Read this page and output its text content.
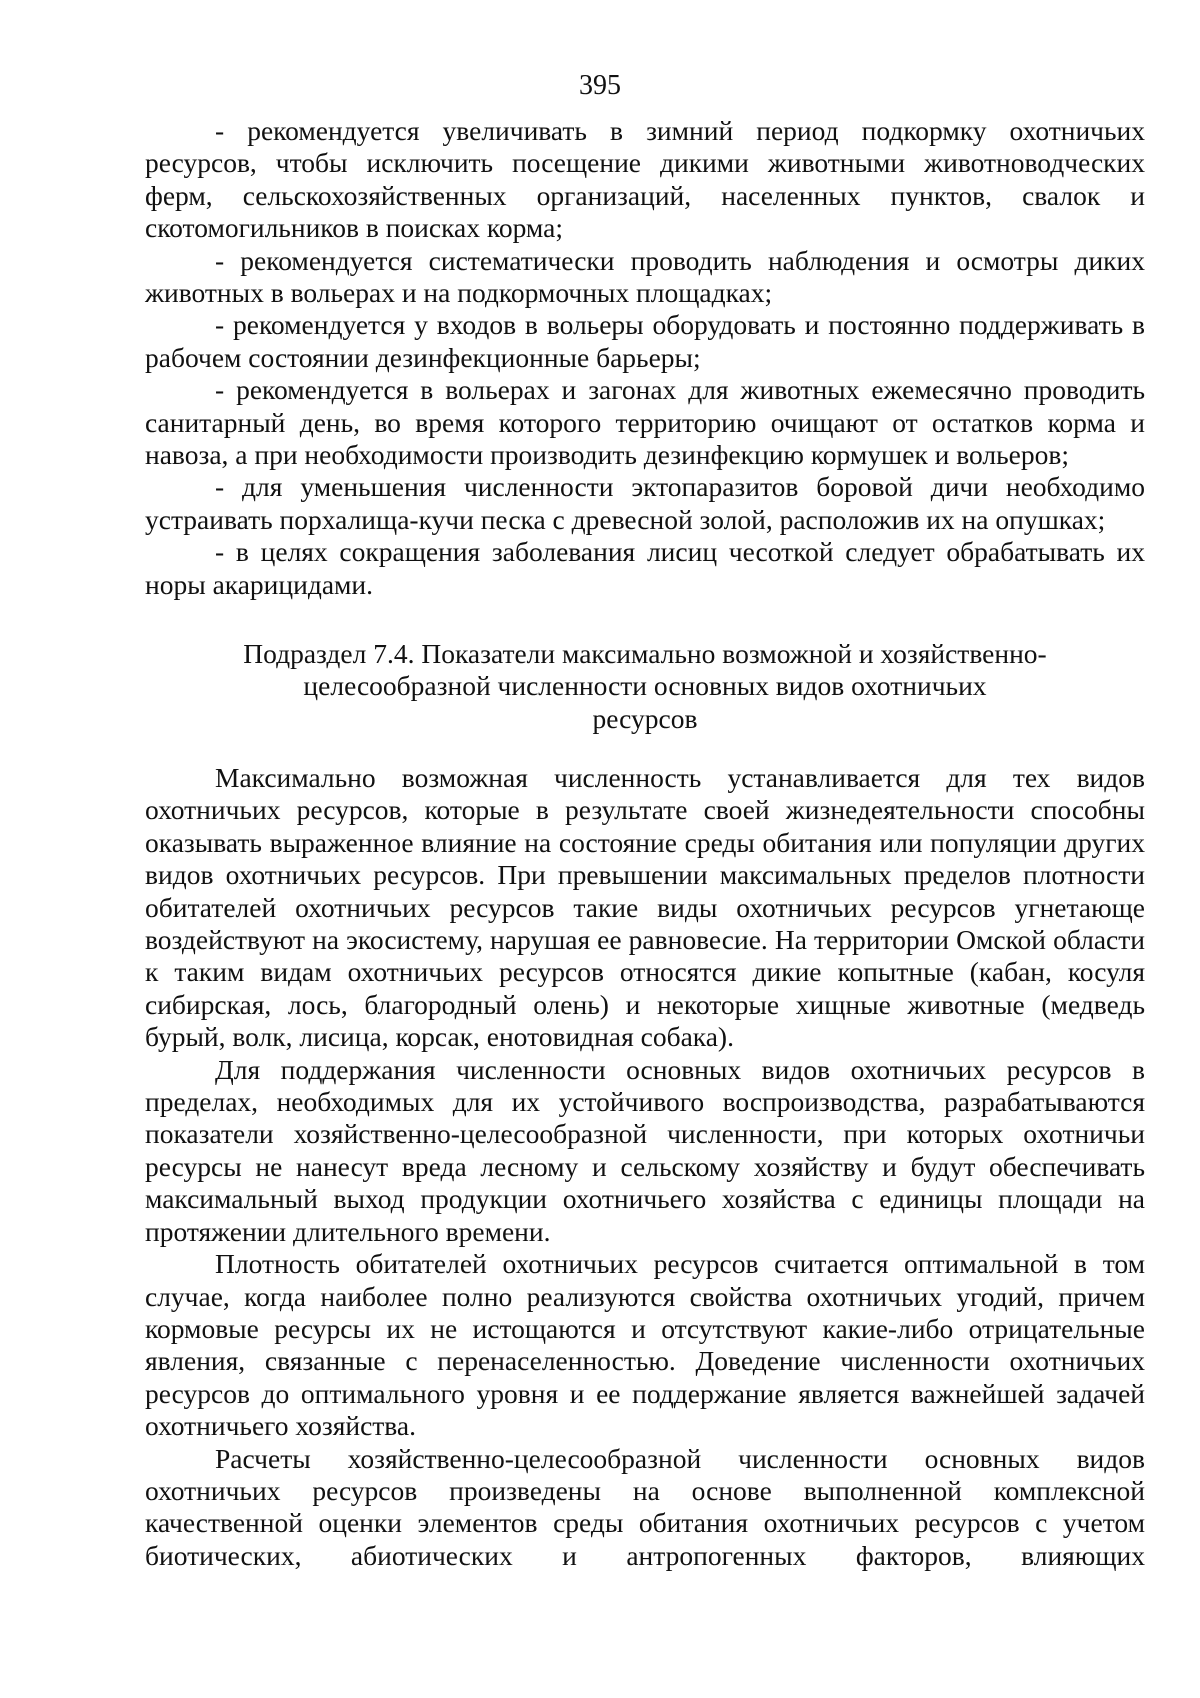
395

- рекомендуется увеличивать в зимний период подкормку охотничьих ресурсов, чтобы исключить посещение дикими животными животноводческих ферм, сельскохозяйственных организаций, населенных пунктов, свалок и скотомогильников в поисках корма;

- рекомендуется систематически проводить наблюдения и осмотры диких животных в вольерах и на подкормочных площадках;

- рекомендуется у входов в вольеры оборудовать и постоянно поддерживать в рабочем состоянии дезинфекционные барьеры;

- рекомендуется в вольерах и загонах для животных ежемесячно проводить санитарный день, во время которого территорию очищают от остатков корма и навоза, а при необходимости производить дезинфекцию кормушек и вольеров;

- для уменьшения численности эктопаразитов боровой дичи необходимо устраивать порхалища-кучи песка с древесной золой, расположив их на опушках;

- в целях сокращения заболевания лисиц чесоткой следует обрабатывать их норы акарицидами.

Подраздел 7.4. Показатели максимально возможной и хозяйственно-
целесообразной численности основных видов охотничьих
ресурсов

Максимально возможная численность устанавливается для тех видов охотничьих ресурсов, которые в результате своей жизнедеятельности способны оказывать выраженное влияние на состояние среды обитания или популяции других видов охотничьих ресурсов. При превышении максимальных пределов плотности обитателей охотничьих ресурсов такие виды охотничьих ресурсов угнетающе воздействуют на экосистему, нарушая ее равновесие. На территории Омской области к таким видам охотничьих ресурсов относятся дикие копытные (кабан, косуля сибирская, лось, благородный олень) и некоторые хищные животные (медведь бурый, волк, лисица, корсак, енотовидная собака).

Для поддержания численности основных видов охотничьих ресурсов в пределах, необходимых для их устойчивого воспроизводства, разрабатываются показатели хозяйственно-целесообразной численности, при которых охотничьи ресурсы не нанесут вреда лесному и сельскому хозяйству и будут обеспечивать максимальный выход продукции охотничьего хозяйства с единицы площади на протяжении длительного времени.

Плотность обитателей охотничьих ресурсов считается оптимальной в том случае, когда наиболее полно реализуются свойства охотничьих угодий, причем кормовые ресурсы их не истощаются и отсутствуют какие-либо отрицательные явления, связанные с перенаселенностью. Доведение численности охотничьих ресурсов до оптимального уровня и ее поддержание является важнейшей задачей охотничьего хозяйства.

Расчеты хозяйственно-целесообразной численности основных видов охотничьих ресурсов произведены на основе выполненной комплексной качественной оценки элементов среды обитания охотничьих ресурсов с учетом биотических, абиотических и антропогенных факторов, влияющих
